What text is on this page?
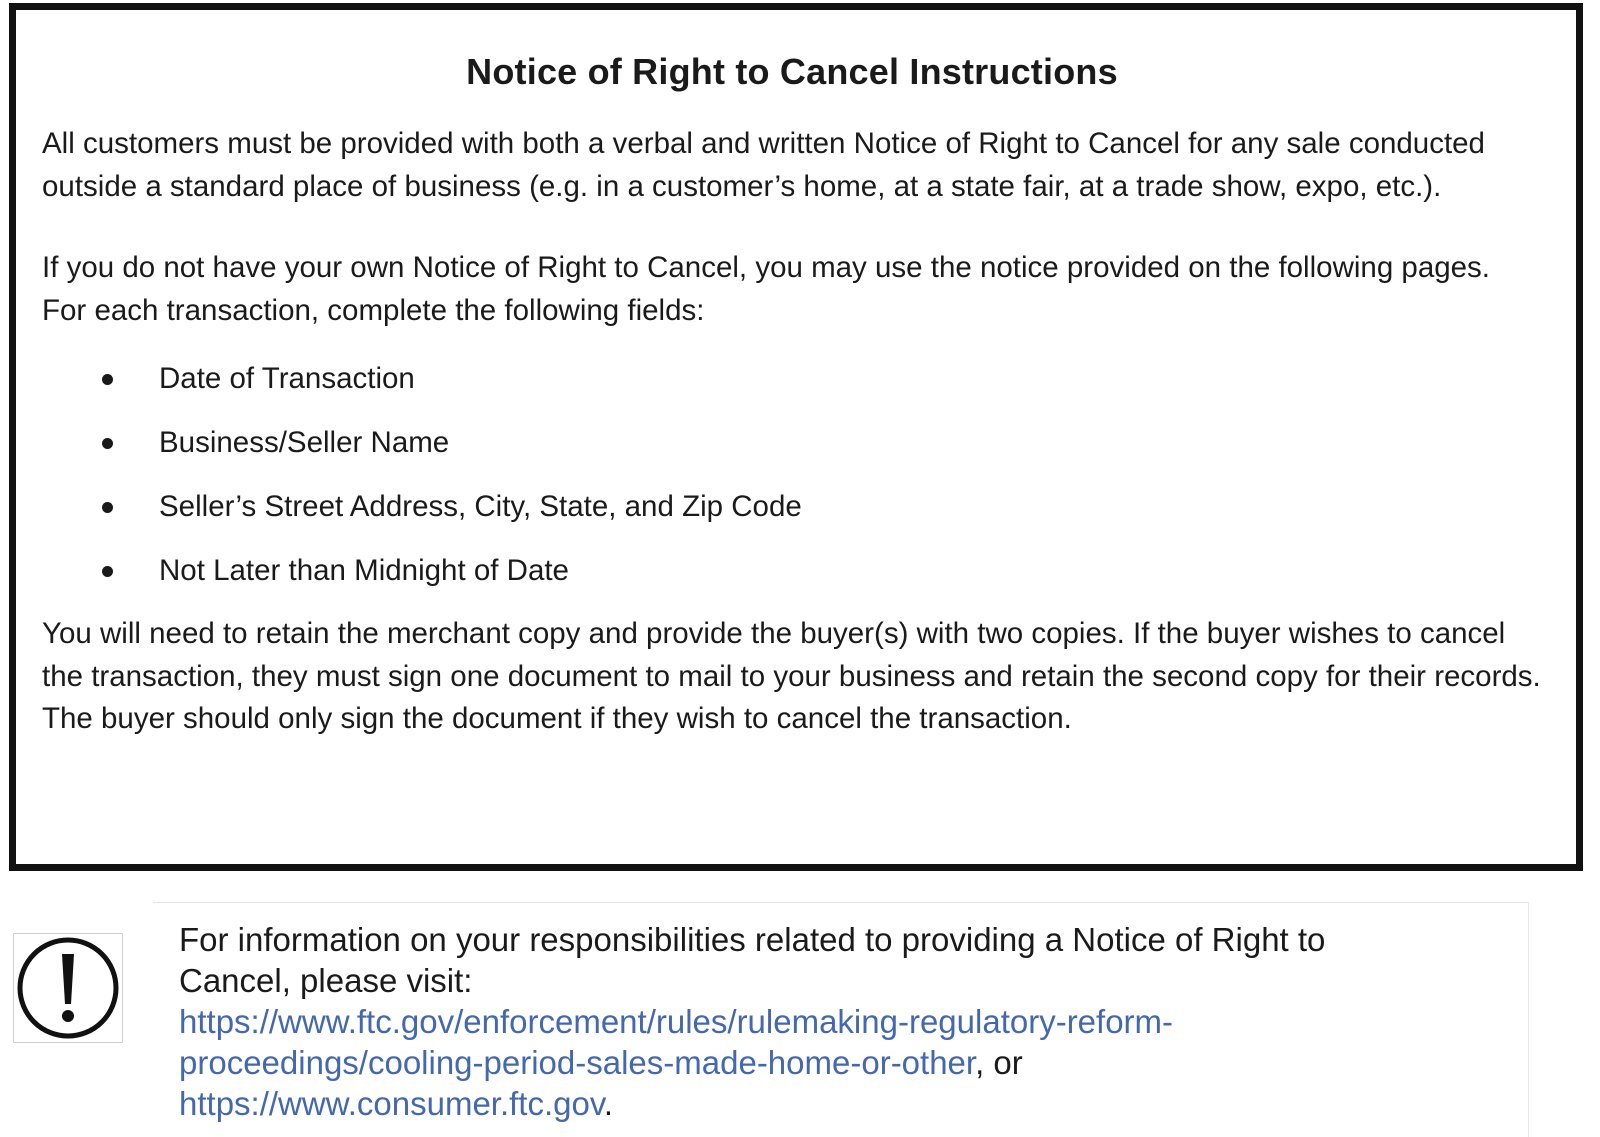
Notice of Right to Cancel Instructions

All customers must be provided with both a verbal and written Notice of Right to Cancel for any sale conducted outside a standard place of business (e.g. in a customer’s home, at a state fair, at a trade show, expo, etc.).

If you do not have your own Notice of Right to Cancel, you may use the notice provided on the following pages. For each transaction, complete the following fields:

Date of Transaction
Business/Seller Name
Seller’s Street Address, City, State, and Zip Code
Not Later than Midnight of Date

You will need to retain the merchant copy and provide the buyer(s) with two copies. If the buyer wishes to cancel the transaction, they must sign one document to mail to your business and retain the second copy for their records. The buyer should only sign the document if they wish to cancel the transaction.

For information on your responsibilities related to providing a Notice of Right to
Cancel, please visit:
https://www.ftc.gov/enforcement/rules/rulemaking-regulatory-reform-
proceedings/cooling-period-sales-made-home-or-other, or
https://www.consumer.ftc.gov.
